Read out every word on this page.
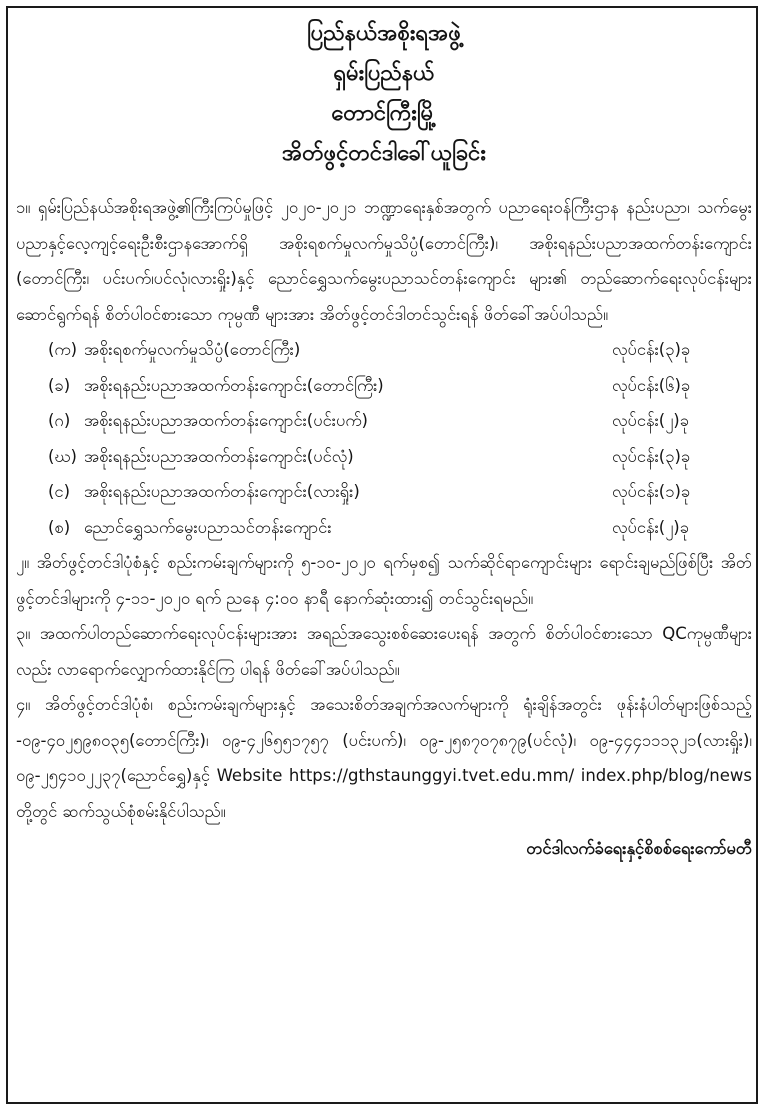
ပြည်နယ်အစိုးရအဖွဲ့

ရှမ်းပြည်နယ်

တောင်ကြီးမြို့

အိတ်ဖွင့်တင်ဒါခေါ်ယူခြင်း

၁။ ရှမ်းပြည်နယ်အစိုးရအဖွဲ့၏ကြီးကြပ်မှုဖြင့် ၂၀၂၀-၂၀၂၁ ဘဏ္ဍာရေးနှစ်အတွက် ပညာရေးဝန်ကြီးဌာန နည်းပညာ၊ သက်မွေးပညာနှင့်လေ့ကျင့်ရေးဦးစီးဌာနအောက်ရှိ အစိုးရစက်မှုလက်မှုသိပ္ပံ(တောင်ကြီး)၊ အစိုးရနည်းပညာအထက်တန်းကျောင်း (တောင်ကြီး၊ ပင်းပက်၊ပင်လုံ၊လားရှိုး)နှင့် ညောင်ရွှေသက်မွေးပညာသင်တန်းကျောင်း များ၏ တည်ဆောက်ရေးလုပ်ငန်းများဆောင်ရွက်ရန် စိတ်ပါဝင်စားသော ကုမ္ပဏီ များအား အိတ်ဖွင့်တင်ဒါတင်သွင်းရန် ဖိတ်ခေါ်အပ်ပါသည်။

(က) အစိုးရစက်မှုလက်မှုသိပ္ပံ(တောင်ကြီး)	လုပ်ငန်း(၃)ခု
(ခ) အစိုးရနည်းပညာအထက်တန်းကျောင်း(တောင်ကြီး)	လုပ်ငန်း(၆)ခု
(ဂ) အစိုးရနည်းပညာအထက်တန်းကျောင်း(ပင်းပက်)	လုပ်ငန်း(၂)ခု
(ဃ) အစိုးရနည်းပညာအထက်တန်းကျောင်း(ပင်လုံ)	လုပ်ငန်း(၃)ခု
(င) အစိုးရနည်းပညာအထက်တန်းကျောင်း(လားရှိုး)	လုပ်ငန်း(၁)ခု
(စ) ညောင်ရွှေသက်မွေးပညာသင်တန်းကျောင်း	လုပ်ငန်း(၂)ခု

၂။ အိတ်ဖွင့်တင်ဒါပုံစံနှင့် စည်းကမ်းချက်များကို ၅-၁၀-၂၀၂၀ ရက်မှစ၍ သက်ဆိုင်ရာကျောင်းများ ရောင်းချမည်ဖြစ်ပြီး အိတ်ဖွင့်တင်ဒါများကို ၄-၁၁-၂၀၂၀ ရက် ညနေ ၄:၀၀ နာရီ နောက်ဆုံးထား၍ တင်သွင်းရမည်။

၃။ အထက်ပါတည်ဆောက်ရေးလုပ်ငန်းများအား အရည်အသွေးစစ်ဆေးပေးရန် အတွက် စိတ်ပါဝင်စားသော QCကုမ္ပဏီများလည်း လာရောက်လျှောက်ထားနိုင်ကြ ပါရန် ဖိတ်ခေါ်အပ်ပါသည်။

၄။ အိတ်ဖွင့်တင်ဒါပုံစံ၊ စည်းကမ်းချက်များနှင့် အသေးစိတ်အချက်အလက်များကို ရုံးချိန်အတွင်း ဖုန်းနံပါတ်များဖြစ်သည့် -၀၉-၄၀၂၅၉၈၀၃၅(တောင်ကြီး)၊ ၀၉-၄၂၆၅၅၁၇၅၇ (ပင်းပက်)၊ ၀၉-၂၅၈၇၀၇၈၇၉(ပင်လုံ)၊ ၀၉-၄၄၄၁၁၁၃၂၁(လားရှိုး)၊ ၀၉-၂၅၄၁၀၂၂၃၇(ညောင်ရွှေ)နှင့် Website https://gthstaunggyi.tvet.edu.mm/ index.php/blog/news တို့တွင် ဆက်သွယ်စုံစမ်းနိုင်ပါသည်။

တင်ဒါလက်ခံရေးနှင့်စိစစ်ရေးကော်မတီ
